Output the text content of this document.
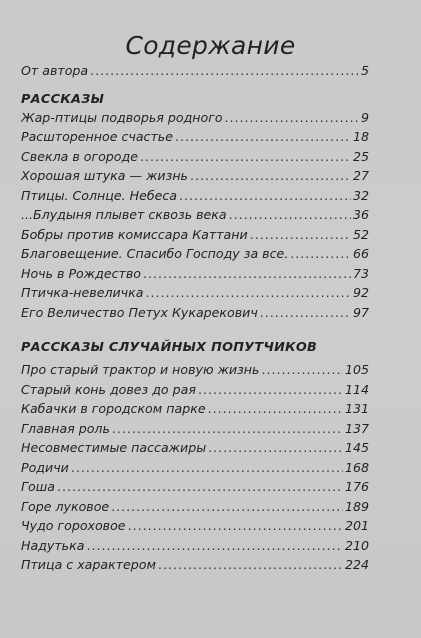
Содержание
От автора .....	5
РАССКАЗЫ
Жар-птицы подворья родного .....	9
Расшторенное счастье .....	18
Свекла в огороде .....	25
Хорошая штука — жизнь .....	27
Птицы. Солнце. Небеса .....	32
...Блудыня плывет сквозь века .....	36
Бобры против комиссара Каттани .....	52
Благовещение. Спасибо Господу за все. .....	66
Ночь в Рождество .....	73
Птичка-невеличка .....	92
Его Величество Петух Кукарекович .....	97
РАССКАЗЫ СЛУЧАЙНЫХ ПОПУТЧИКОВ
Про старый трактор и новую жизнь .....	105
Старый конь довез до рая .....	114
Кабачки в городском парке .....	131
Главная роль .....	137
Несовместимые пассажиры .....	145
Родичи .....	168
Гоша .....	176
Горе луковое .....	189
Чудо гороховое .....	201
Надутька .....	210
Птица с характером .....	224
